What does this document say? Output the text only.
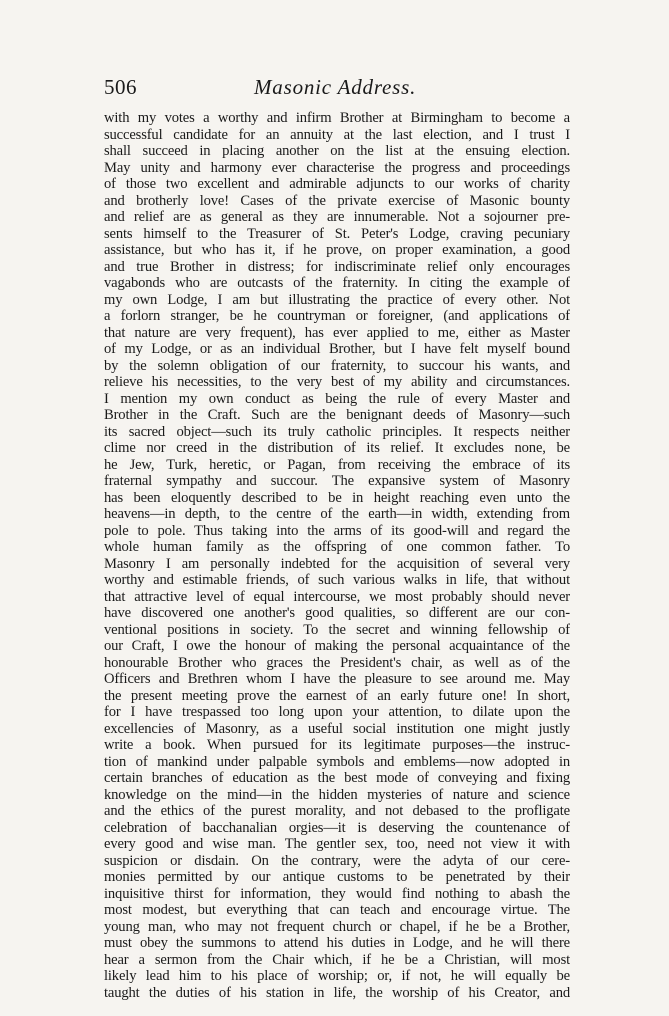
506	Masonic Address.
with my votes a worthy and infirm Brother at Birmingham to become a
successful candidate for an annuity at the last election, and I trust I
shall succeed in placing another on the list at the ensuing election.
May unity and harmony ever characterise the progress and proceedings
of those two excellent and admirable adjuncts to our works of charity
and brotherly love! Cases of the private exercise of Masonic bounty
and relief are as general as they are innumerable. Not a sojourner pre-
sents himself to the Treasurer of St. Peter's Lodge, craving pecuniary
assistance, but who has it, if he prove, on proper examination, a good
and true Brother in distress; for indiscriminate relief only encourages
vagabonds who are outcasts of the fraternity. In citing the example of
my own Lodge, I am but illustrating the practice of every other. Not
a forlorn stranger, be he countryman or foreigner, (and applications of
that nature are very frequent), has ever applied to me, either as Master
of my Lodge, or as an individual Brother, but I have felt myself bound
by the solemn obligation of our fraternity, to succour his wants, and
relieve his necessities, to the very best of my ability and circumstances.
I mention my own conduct as being the rule of every Master and
Brother in the Craft. Such are the benignant deeds of Masonry—such
its sacred object—such its truly catholic principles. It respects neither
clime nor creed in the distribution of its relief. It excludes none, be
he Jew, Turk, heretic, or Pagan, from receiving the embrace of its
fraternal sympathy and succour. The expansive system of Masonry
has been eloquently described to be in height reaching even unto the
heavens—in depth, to the centre of the earth—in width, extending from
pole to pole. Thus taking into the arms of its good-will and regard the
whole human family as the offspring of one common father. To
Masonry I am personally indebted for the acquisition of several very
worthy and estimable friends, of such various walks in life, that without
that attractive level of equal intercourse, we most probably should never
have discovered one another's good qualities, so different are our con-
ventional positions in society. To the secret and winning fellowship of
our Craft, I owe the honour of making the personal acquaintance of the
honourable Brother who graces the President's chair, as well as of the
Officers and Brethren whom I have the pleasure to see around me. May
the present meeting prove the earnest of an early future one! In short,
for I have trespassed too long upon your attention, to dilate upon the
excellencies of Masonry, as a useful social institution one might justly
write a book. When pursued for its legitimate purposes—the instruc-
tion of mankind under palpable symbols and emblems—now adopted in
certain branches of education as the best mode of conveying and fixing
knowledge on the mind—in the hidden mysteries of nature and science
and the ethics of the purest morality, and not debased to the profligate
celebration of bacchanalian orgies—it is deserving the countenance of
every good and wise man. The gentler sex, too, need not view it with
suspicion or disdain. On the contrary, were the adyta of our cere-
monies permitted by our antique customs to be penetrated by their
inquisitive thirst for information, they would find nothing to abash the
most modest, but everything that can teach and encourage virtue. The
young man, who may not frequent church or chapel, if he be a Brother,
must obey the summons to attend his duties in Lodge, and he will there
hear a sermon from the Chair which, if he be a Christian, will most
likely lead him to his place of worship; or, if not, he will equally be
taught the duties of his station in life, the worship of his Creator, and
